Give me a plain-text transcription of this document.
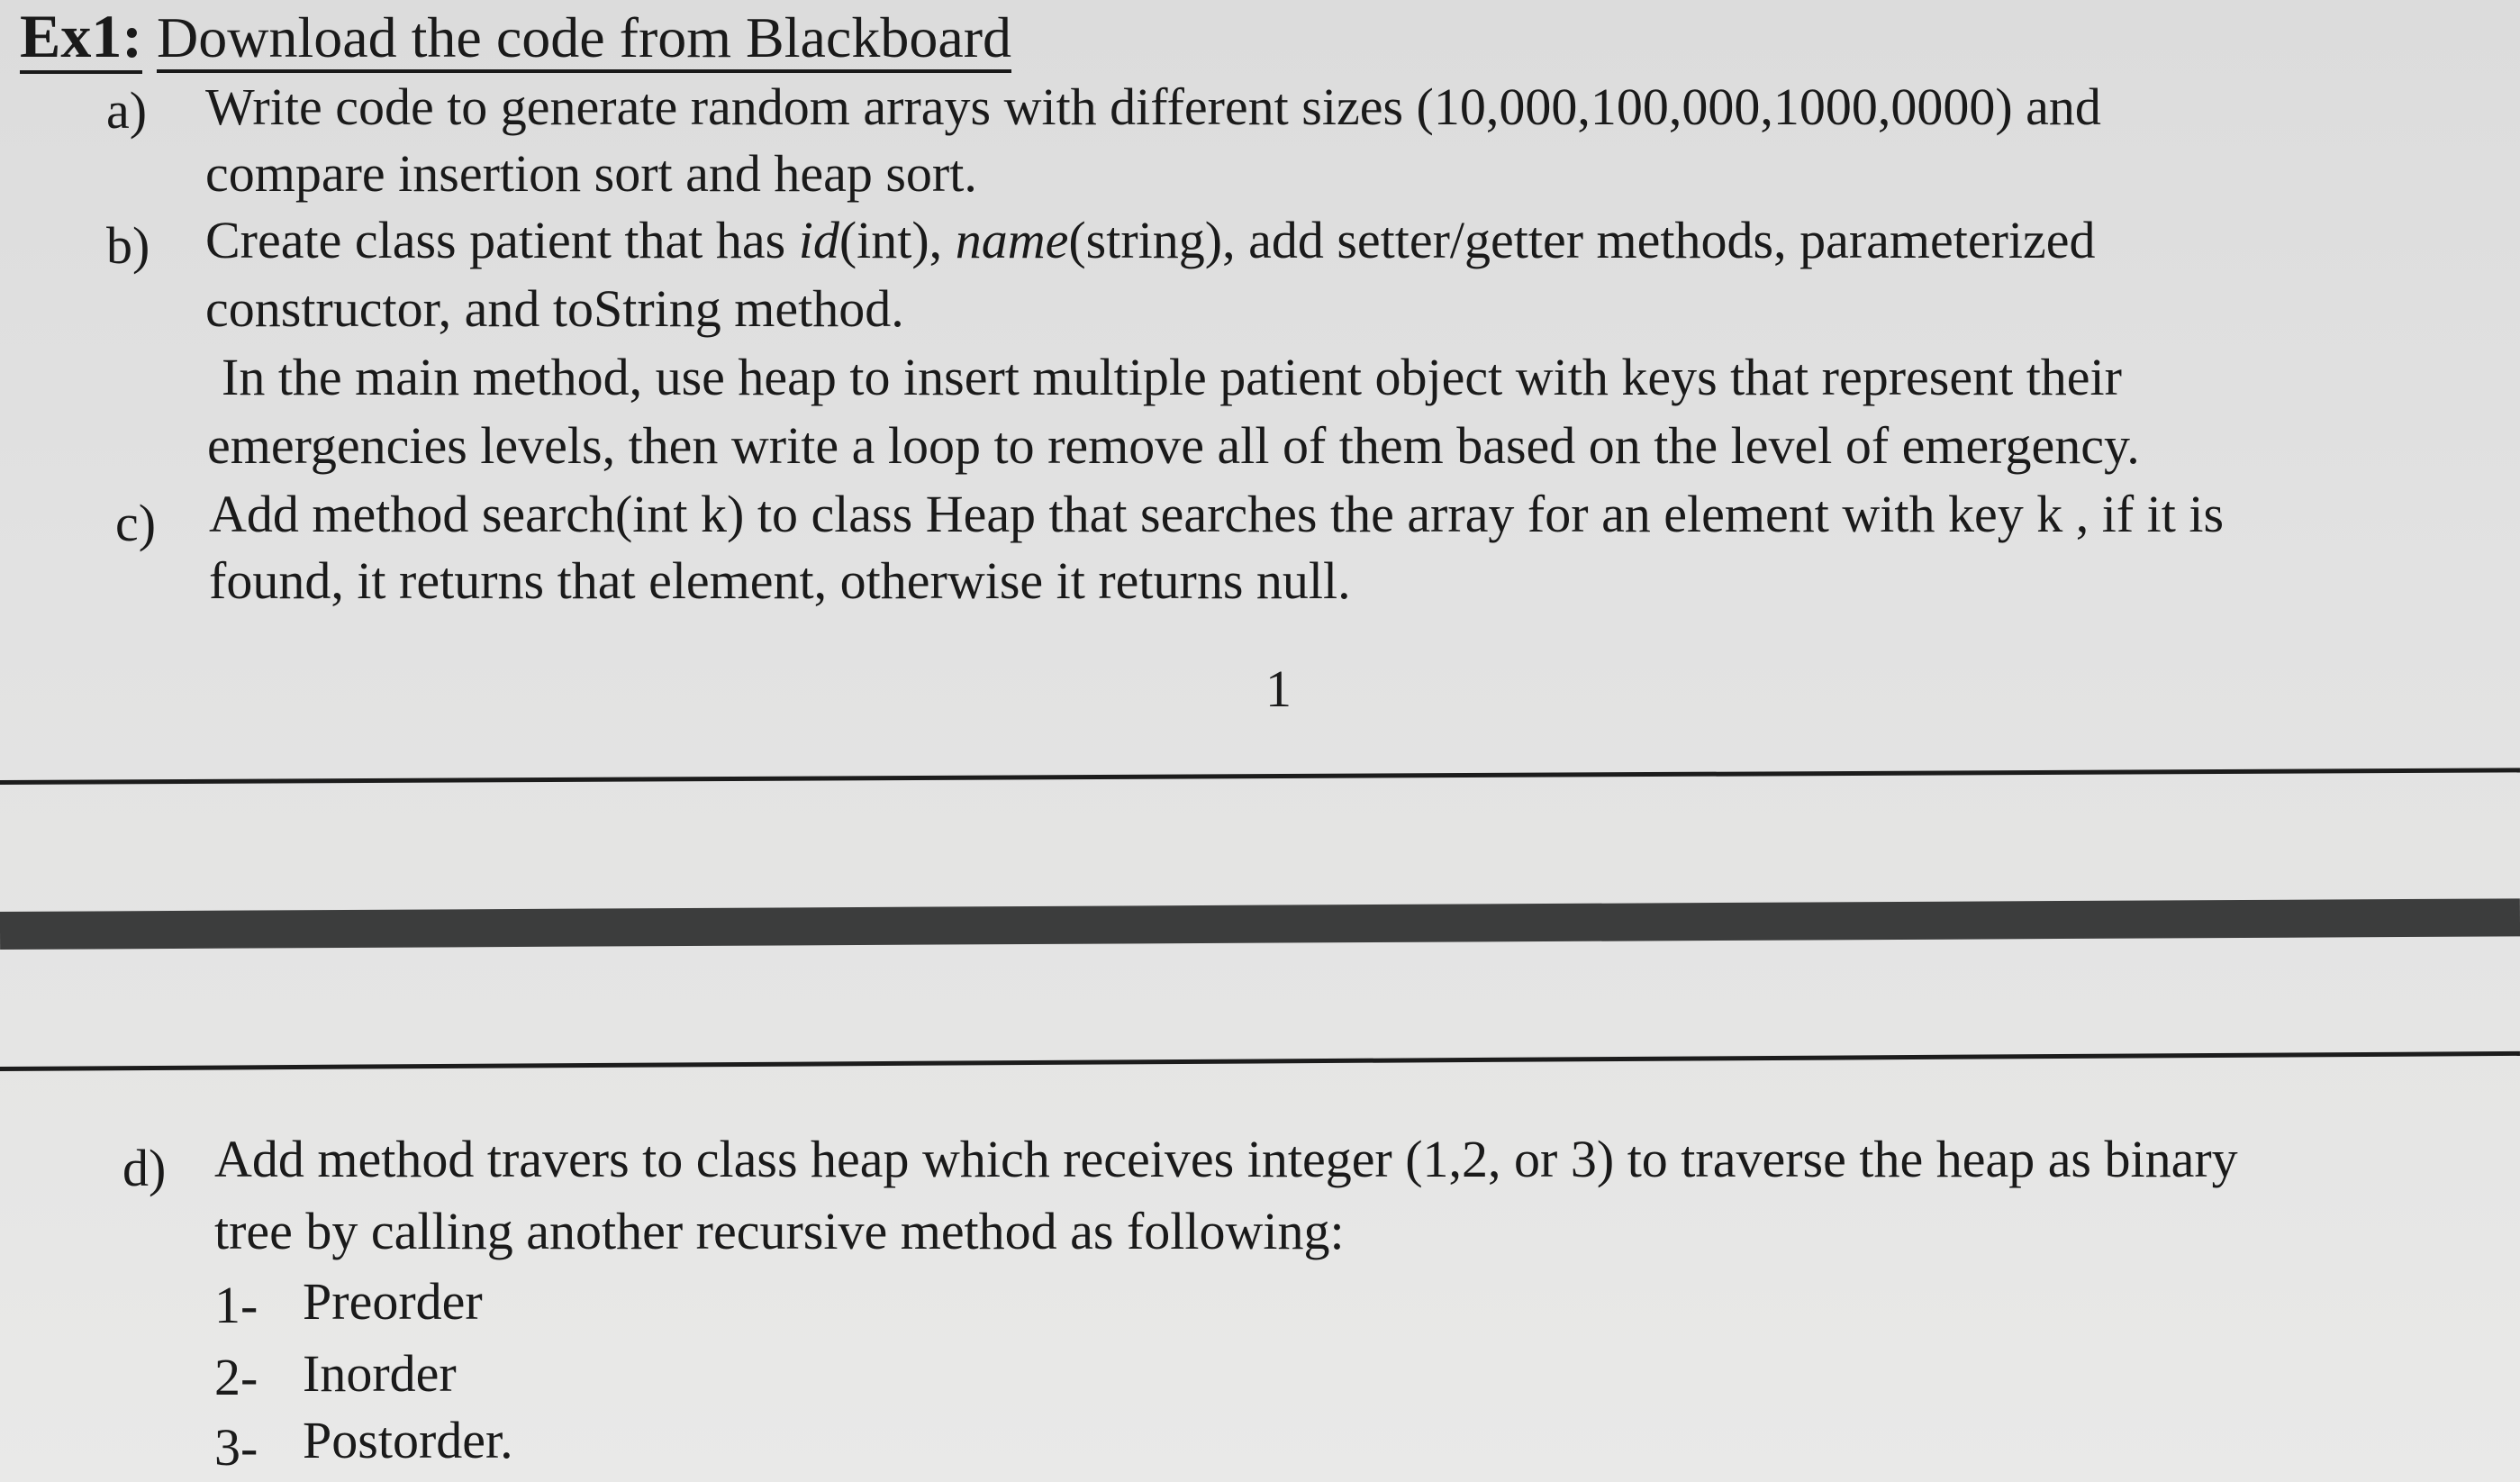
Ex1: Download the code from Blackboard
a) Write code to generate random arrays with different sizes (10,000,100,000,1000,0000) and
compare insertion sort and heap sort.
b) Create class patient that has id(int), name(string), add setter/getter methods, parameterized
constructor, and toString method.
In the main method, use heap to insert multiple patient object with keys that represent their
emergencies levels, then write a loop to remove all of them based on the level of emergency.
c) Add method search(int k) to class Heap that searches the array for an element with key k , if it is
found, it returns that element, otherwise it returns null.
1
d) Add method travers to class heap which receives integer (1,2, or 3) to traverse the heap as binary
tree by calling another recursive method as following:
1- Preorder
2- Inorder
3- Postorder.
